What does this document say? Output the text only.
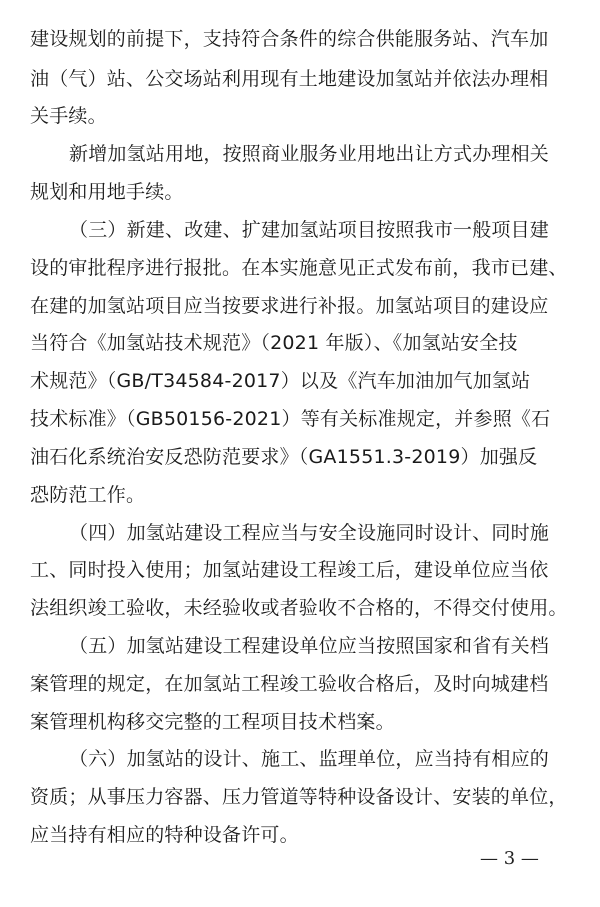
建设规划的前提下，支持符合条件的综合供能服务站、汽车加
油（气）站、公交场站利用现有土地建设加氢站并依法办理相
关手续。
新增加氢站用地，按照商业服务业用地出让方式办理相关
规划和用地手续。
（三）新建、改建、扩建加氢站项目按照我市一般项目建
设的审批程序进行报批。在本实施意见正式发布前，我市已建、
在建的加氢站项目应当按要求进行补报。加氢站项目的建设应
当符合《加氢站技术规范》（2021 年版）、《加氢站安全技
术规范》（GB/T34584-2017）以及《汽车加油加气加氢站
技术标准》（GB50156-2021）等有关标准规定，并参照《石
油石化系统治安反恐防范要求》（GA1551.3-2019）加强反
恐防范工作。
（四）加氢站建设工程应当与安全设施同时设计、同时施
工、同时投入使用；加氢站建设工程竣工后，建设单位应当依
法组织竣工验收，未经验收或者验收不合格的，不得交付使用。
（五）加氢站建设工程建设单位应当按照国家和省有关档
案管理的规定，在加氢站工程竣工验收合格后，及时向城建档
案管理机构移交完整的工程项目技术档案。
（六）加氢站的设计、施工、监理单位，应当持有相应的
资质；从事压力容器、压力管道等特种设备设计、安装的单位，
应当持有相应的特种设备许可。
— 3 —
